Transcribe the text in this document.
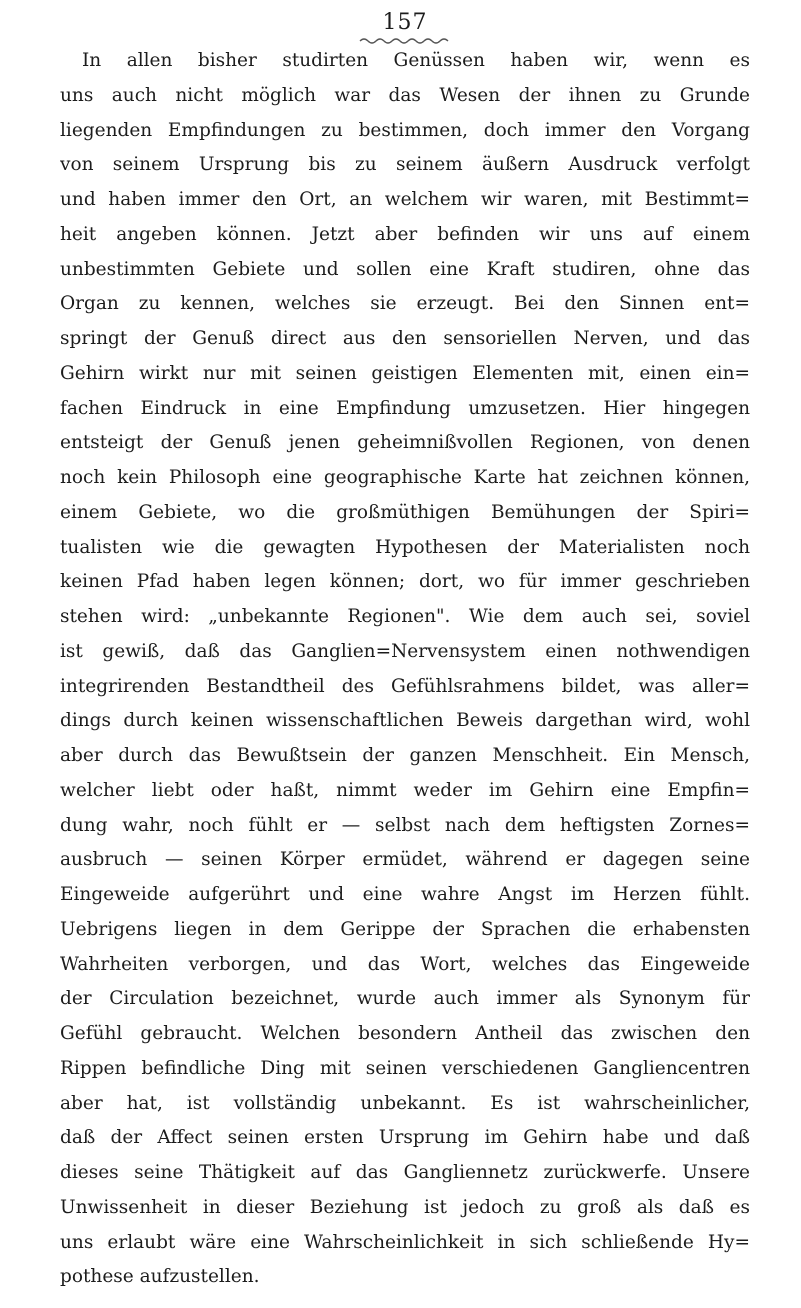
157
In allen bisher studirten Genüssen haben wir, wenn es
uns auch nicht möglich war das Wesen der ihnen zu Grunde
liegenden Empfindungen zu bestimmen, doch immer den Vorgang
von seinem Ursprung bis zu seinem äußern Ausdruck verfolgt
und haben immer den Ort, an welchem wir waren, mit Bestimmt=
heit angeben können. Jetzt aber befinden wir uns auf einem
unbestimmten Gebiete und sollen eine Kraft studiren, ohne das
Organ zu kennen, welches sie erzeugt. Bei den Sinnen ent=
springt der Genuß direct aus den sensoriellen Nerven, und das
Gehirn wirkt nur mit seinen geistigen Elementen mit, einen ein=
fachen Eindruck in eine Empfindung umzusetzen. Hier hingegen
entsteigt der Genuß jenen geheimnißvollen Regionen, von denen
noch kein Philosoph eine geographische Karte hat zeichnen können,
einem Gebiete, wo die großmüthigen Bemühungen der Spiri=
tualisten wie die gewagten Hypothesen der Materialisten noch
keinen Pfad haben legen können; dort, wo für immer geschrieben
stehen wird: „unbekannte Regionen". Wie dem auch sei, soviel
ist gewiß, daß das Ganglien=Nervensystem einen nothwendigen
integrirenden Bestandtheil des Gefühlsrahmens bildet, was aller=
dings durch keinen wissenschaftlichen Beweis dargethan wird, wohl
aber durch das Bewußtsein der ganzen Menschheit. Ein Mensch,
welcher liebt oder haßt, nimmt weder im Gehirn eine Empfin=
dung wahr, noch fühlt er — selbst nach dem heftigsten Zornes=
ausbruch — seinen Körper ermüdet, während er dagegen seine
Eingeweide aufgerührt und eine wahre Angst im Herzen fühlt.
Uebrigens liegen in dem Gerippe der Sprachen die erhabensten
Wahrheiten verborgen, und das Wort, welches das Eingeweide
der Circulation bezeichnet, wurde auch immer als Synonym für
Gefühl gebraucht. Welchen besondern Antheil das zwischen den
Rippen befindliche Ding mit seinen verschiedenen Gangliencentren
aber hat, ist vollständig unbekannt. Es ist wahrscheinlicher,
daß der Affect seinen ersten Ursprung im Gehirn habe und daß
dieses seine Thätigkeit auf das Gangliennetz zurückwerfe. Unsere
Unwissenheit in dieser Beziehung ist jedoch zu groß als daß es
uns erlaubt wäre eine Wahrscheinlichkeit in sich schließende Hy=
pothese aufzustellen.
